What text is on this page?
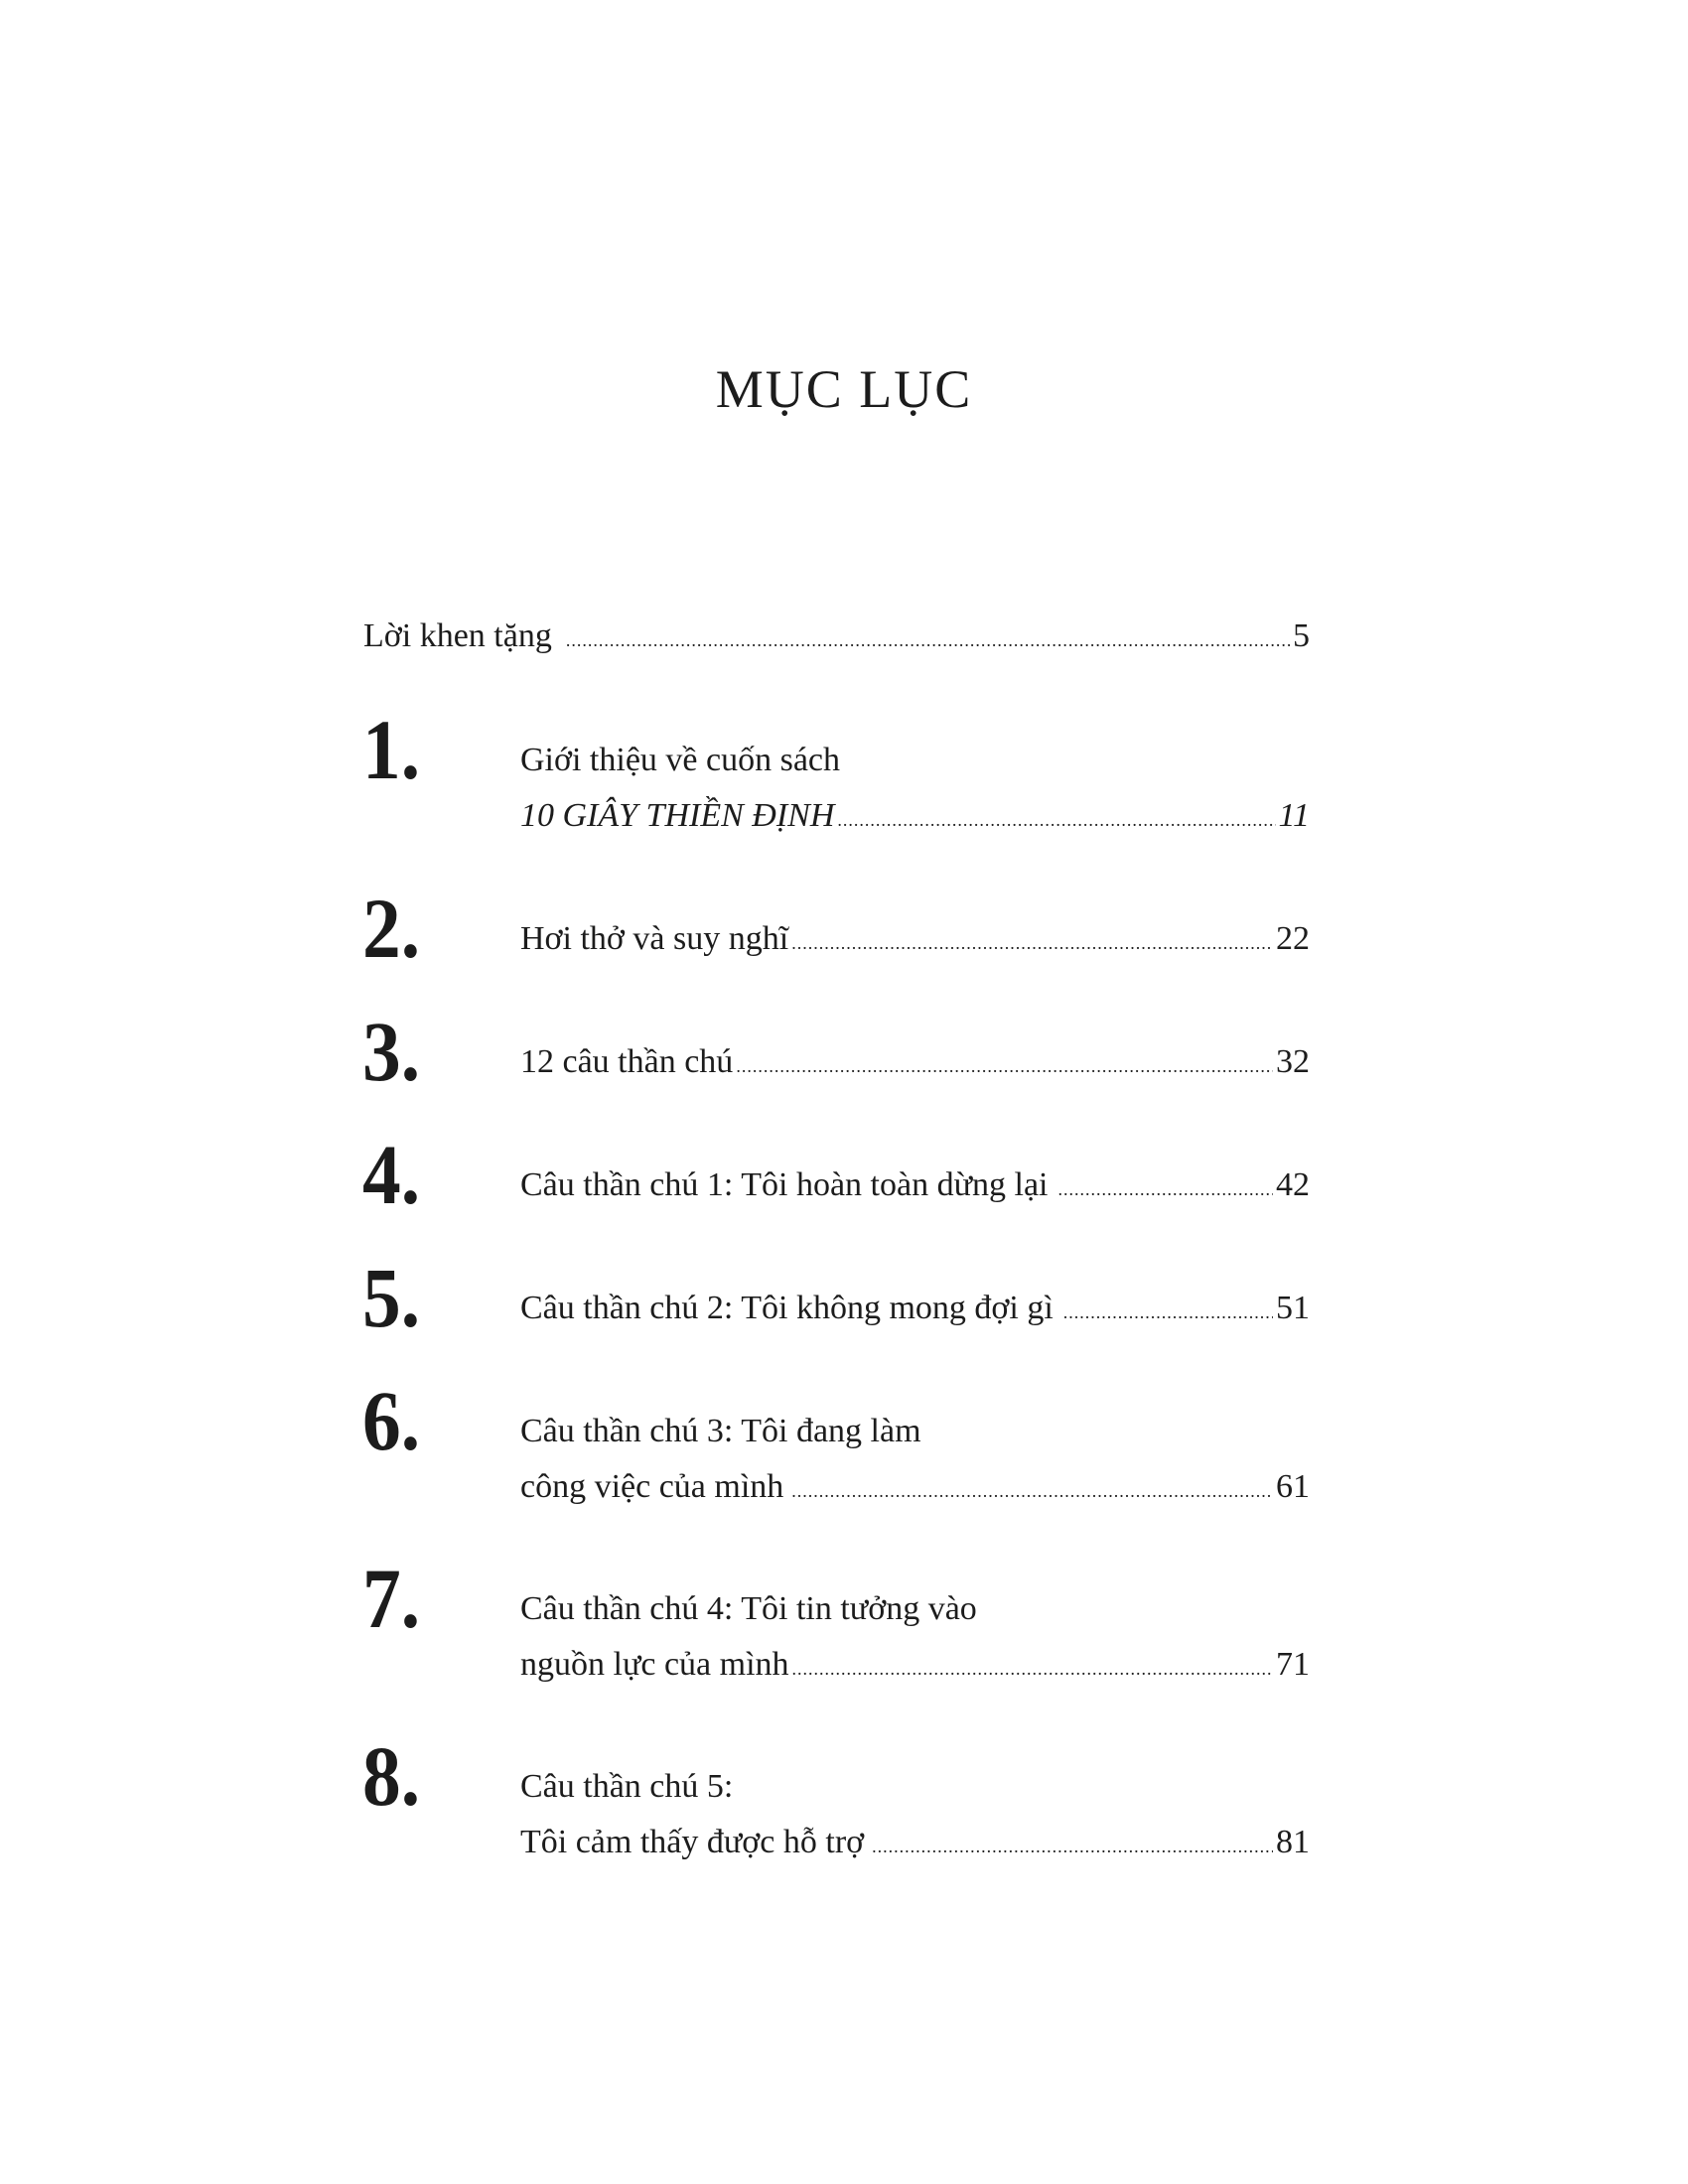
MỤC LỤC
Lời khen tặng .....	5
1.	Giới thiệu về cuốn sách
10 GIÂY THIỀN ĐỊNH .....	11
2.	Hơi thở và suy nghĩ .....	22
3.	12 câu thần chú .....	32
4.	Câu thần chú 1: Tôi hoàn toàn dừng lại .....	42
5.	Câu thần chú 2: Tôi không mong đợi gì .....	51
6.	Câu thần chú 3: Tôi đang làm
công việc của mình .....	61
7.	Câu thần chú 4: Tôi tin tưởng vào
nguồn lực của mình .....	71
8.	Câu thần chú 5:
Tôi cảm thấy được hỗ trợ .....	81
